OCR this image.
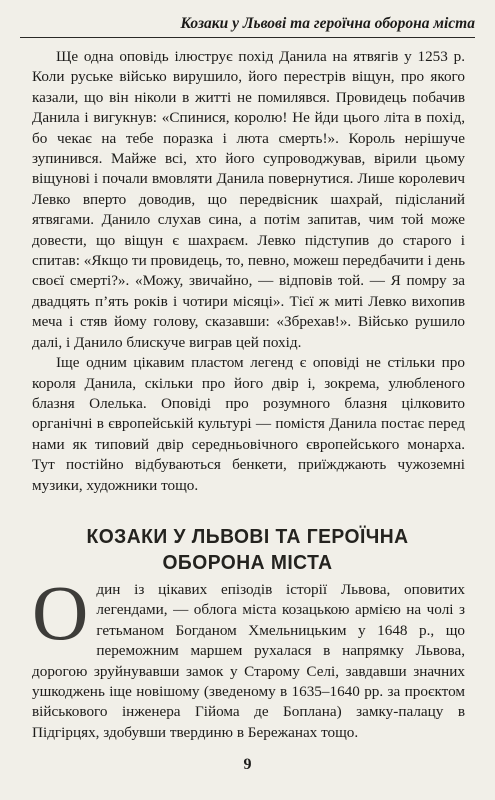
Козаки у Львові та героїчна оборона міста

Ще одна оповідь ілюструє похід Данила на ятвягів у 1253 р. Коли руське військо вирушило, його перестрів віщун, про якого казали, що він ніколи в житті не помилявся. Провидець побачив Данила і вигукнув: «Спинися, королю! Не йди цього літа в похід, бо чекає на тебе поразка і люта смерть!». Король нерішуче зупинився. Майже всі, хто його супроводжував, вірили цьому віщунові і почали вмовляти Данила повернутися. Лише королевич Левко вперто доводив, що передвісник шахрай, підісланий ятвягами. Данило слухав сина, а потім запитав, чим той може довести, що віщун є шахраєм. Левко підступив до старого і спитав: «Якщо ти провидець, то, певно, можеш передбачити і день своєї смерті?». «Можу, звичайно, — відповів той. — Я помру за двадцять п’ять років і чотири місяці». Тієї ж миті Левко вихопив меча і стяв йому голову, сказавши: «Збрехав!». Військо рушило далі, і Данило блискуче виграв цей похід.

Іще одним цікавим пластом легенд є оповіді не стільки про короля Данила, скільки про його двір і, зокрема, улюбленого блазня Олелька. Оповіді про розумного блазня цілковито органічні в європейській культурі — помістя Данила постає перед нами як типовий двір середньовічного європейського монарха. Тут постійно відбуваються бенкети, приїжджають чужоземні музики, художники тощо.

КОЗАКИ У ЛЬВОВІ ТА ГЕРОЇЧНА
ОБОРОНА МІСТА
О дин із цікавих епізодів історії Львова, оповитих легендами, — облога міста козацькою армією на чолі з гетьманом Богданом Хмельницьким у 1648 р., що переможним маршем рухалася в напрямку Львова, дорогою зруйнувавши замок у Старому Селі, завдавши значних ушкоджень іще новішому (зведеному в 1635–1640 рр. за проєктом військового інженера Гійома де Боплана) замку-палацу в Підгірцях, здобувши твердиню в Бережанах тощо.
9
